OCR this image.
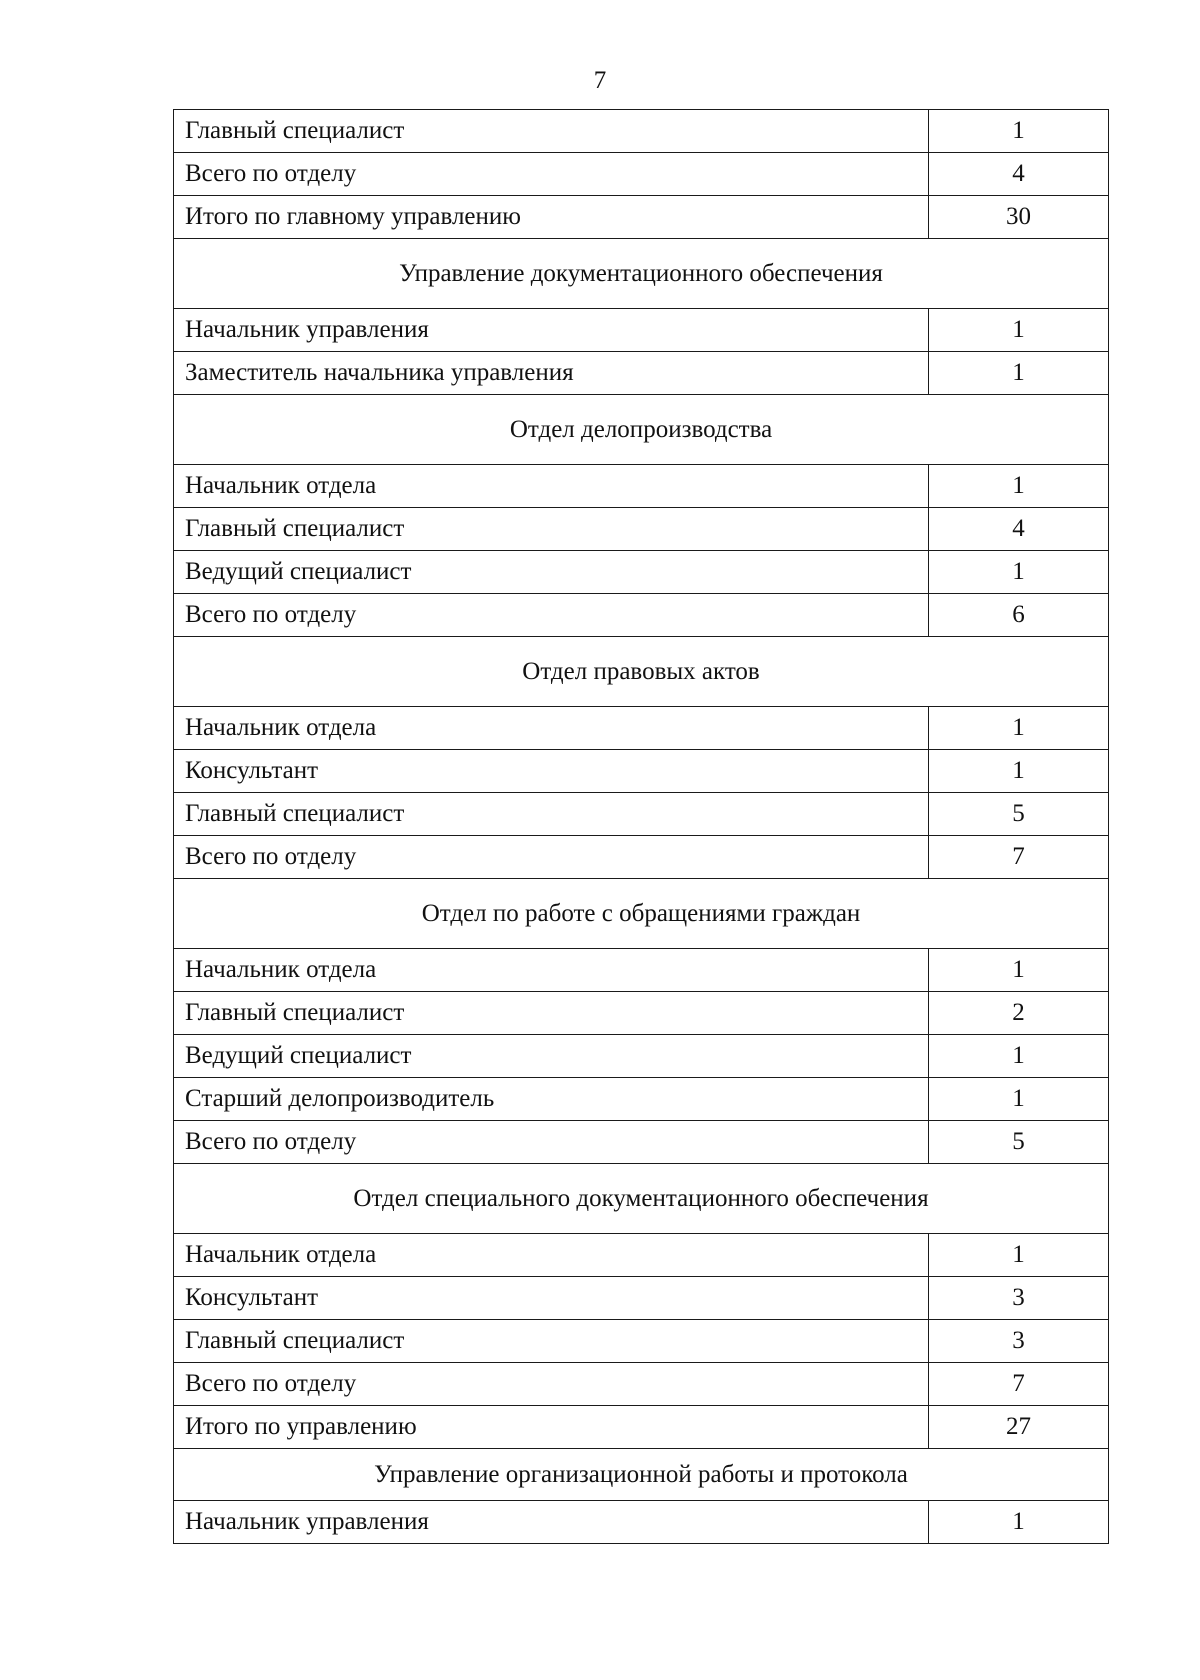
7
Главный специалист	1
Всего по отделу	4
Итого по главному управлению	30
Управление документационного обеспечения	
Начальник управления	1
Заместитель начальника управления	1
Отдел делопроизводства	
Начальник отдела	1
Главный специалист	4
Ведущий специалист	1
Всего по отделу	6
Отдел правовых актов	
Начальник отдела	1
Консультант	1
Главный специалист	5
Всего по отделу	7
Отдел по работе с обращениями граждан	
Начальник отдела	1
Главный специалист	2
Ведущий специалист	1
Старший делопроизводитель	1
Всего по отделу	5
Отдел специального документационного обеспечения	
Начальник отдела	1
Консультант	3
Главный специалист	3
Всего по отделу	7
Итого по управлению	27
Управление организационной работы и протокола	
Начальник управления	1
